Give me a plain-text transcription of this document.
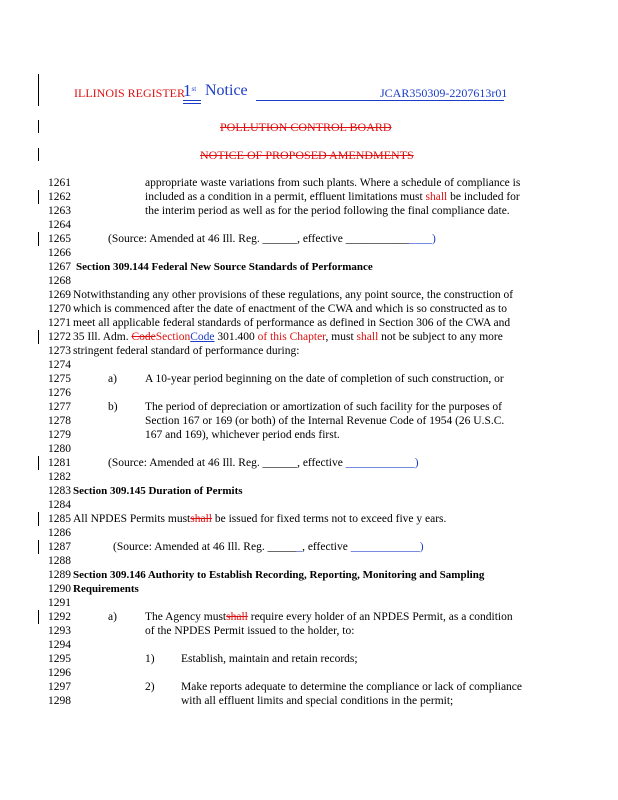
ILLINOIS REGISTER
1st Notice	JCAR350309-2207613r01
POLLUTION CONTROL BOARD
NOTICE OF PROPOSED AMENDMENTS
1261
1262
1263
1264
1265
1266
1267
1268
1269
1270
1271
1272
1273
1274
1275
1276
1277
1278
1279
1280
1281
1282
1283
1284
1285
1286
1287
1288
1289
1290
1291
1292
1293
1294
1295
1296
1297
1298
appropriate waste variations from such plants. Where a schedule of compliance is
included as a condition in a permit, effluent limitations must shall be included for
the interim period as well as for the period following the final compliance date.
(Source: Amended at 46 Ill. Reg. ______, effective _______________)
Section 309.144 Federal New Source Standards of Performance
Notwithstanding any other provisions of these regulations, any point source, the construction of
which is commenced after the date of enactment of the CWA and which is so constructed as to
meet all applicable federal standards of performance as defined in Section 306 of the CWA and
35 Ill. Adm. CodeSectionCode 301.400 of this Chapter, must shall not be subject to any more
stringent federal standard of performance during:
a) A 10-year period beginning on the date of completion of such construction, or
b) The period of depreciation or amortization of such facility for the purposes of
Section 167 or 169 (or both) of the Internal Revenue Code of 1954 (26 U.S.C.
167 and 169), whichever period ends first.
(Source: Amended at 46 Ill. Reg. ______, effective ____________)
Section 309.145 Duration of Permits
All NPDES Permits mustshall be issued for fixed terms not to exceed five y ears.
(Source: Amended at 46 Ill. Reg. ______, effective ____________)
Section 309.146 Authority to Establish Recording, Reporting, Monitoring and Sampling
Requirements
a) The Agency mustshall require every holder of an NPDES Permit, as a condition
of the NPDES Permit issued to the holder, to:
1) Establish, maintain and retain records;
2) Make reports adequate to determine the compliance or lack of compliance
with all effluent limits and special conditions in the permit;
